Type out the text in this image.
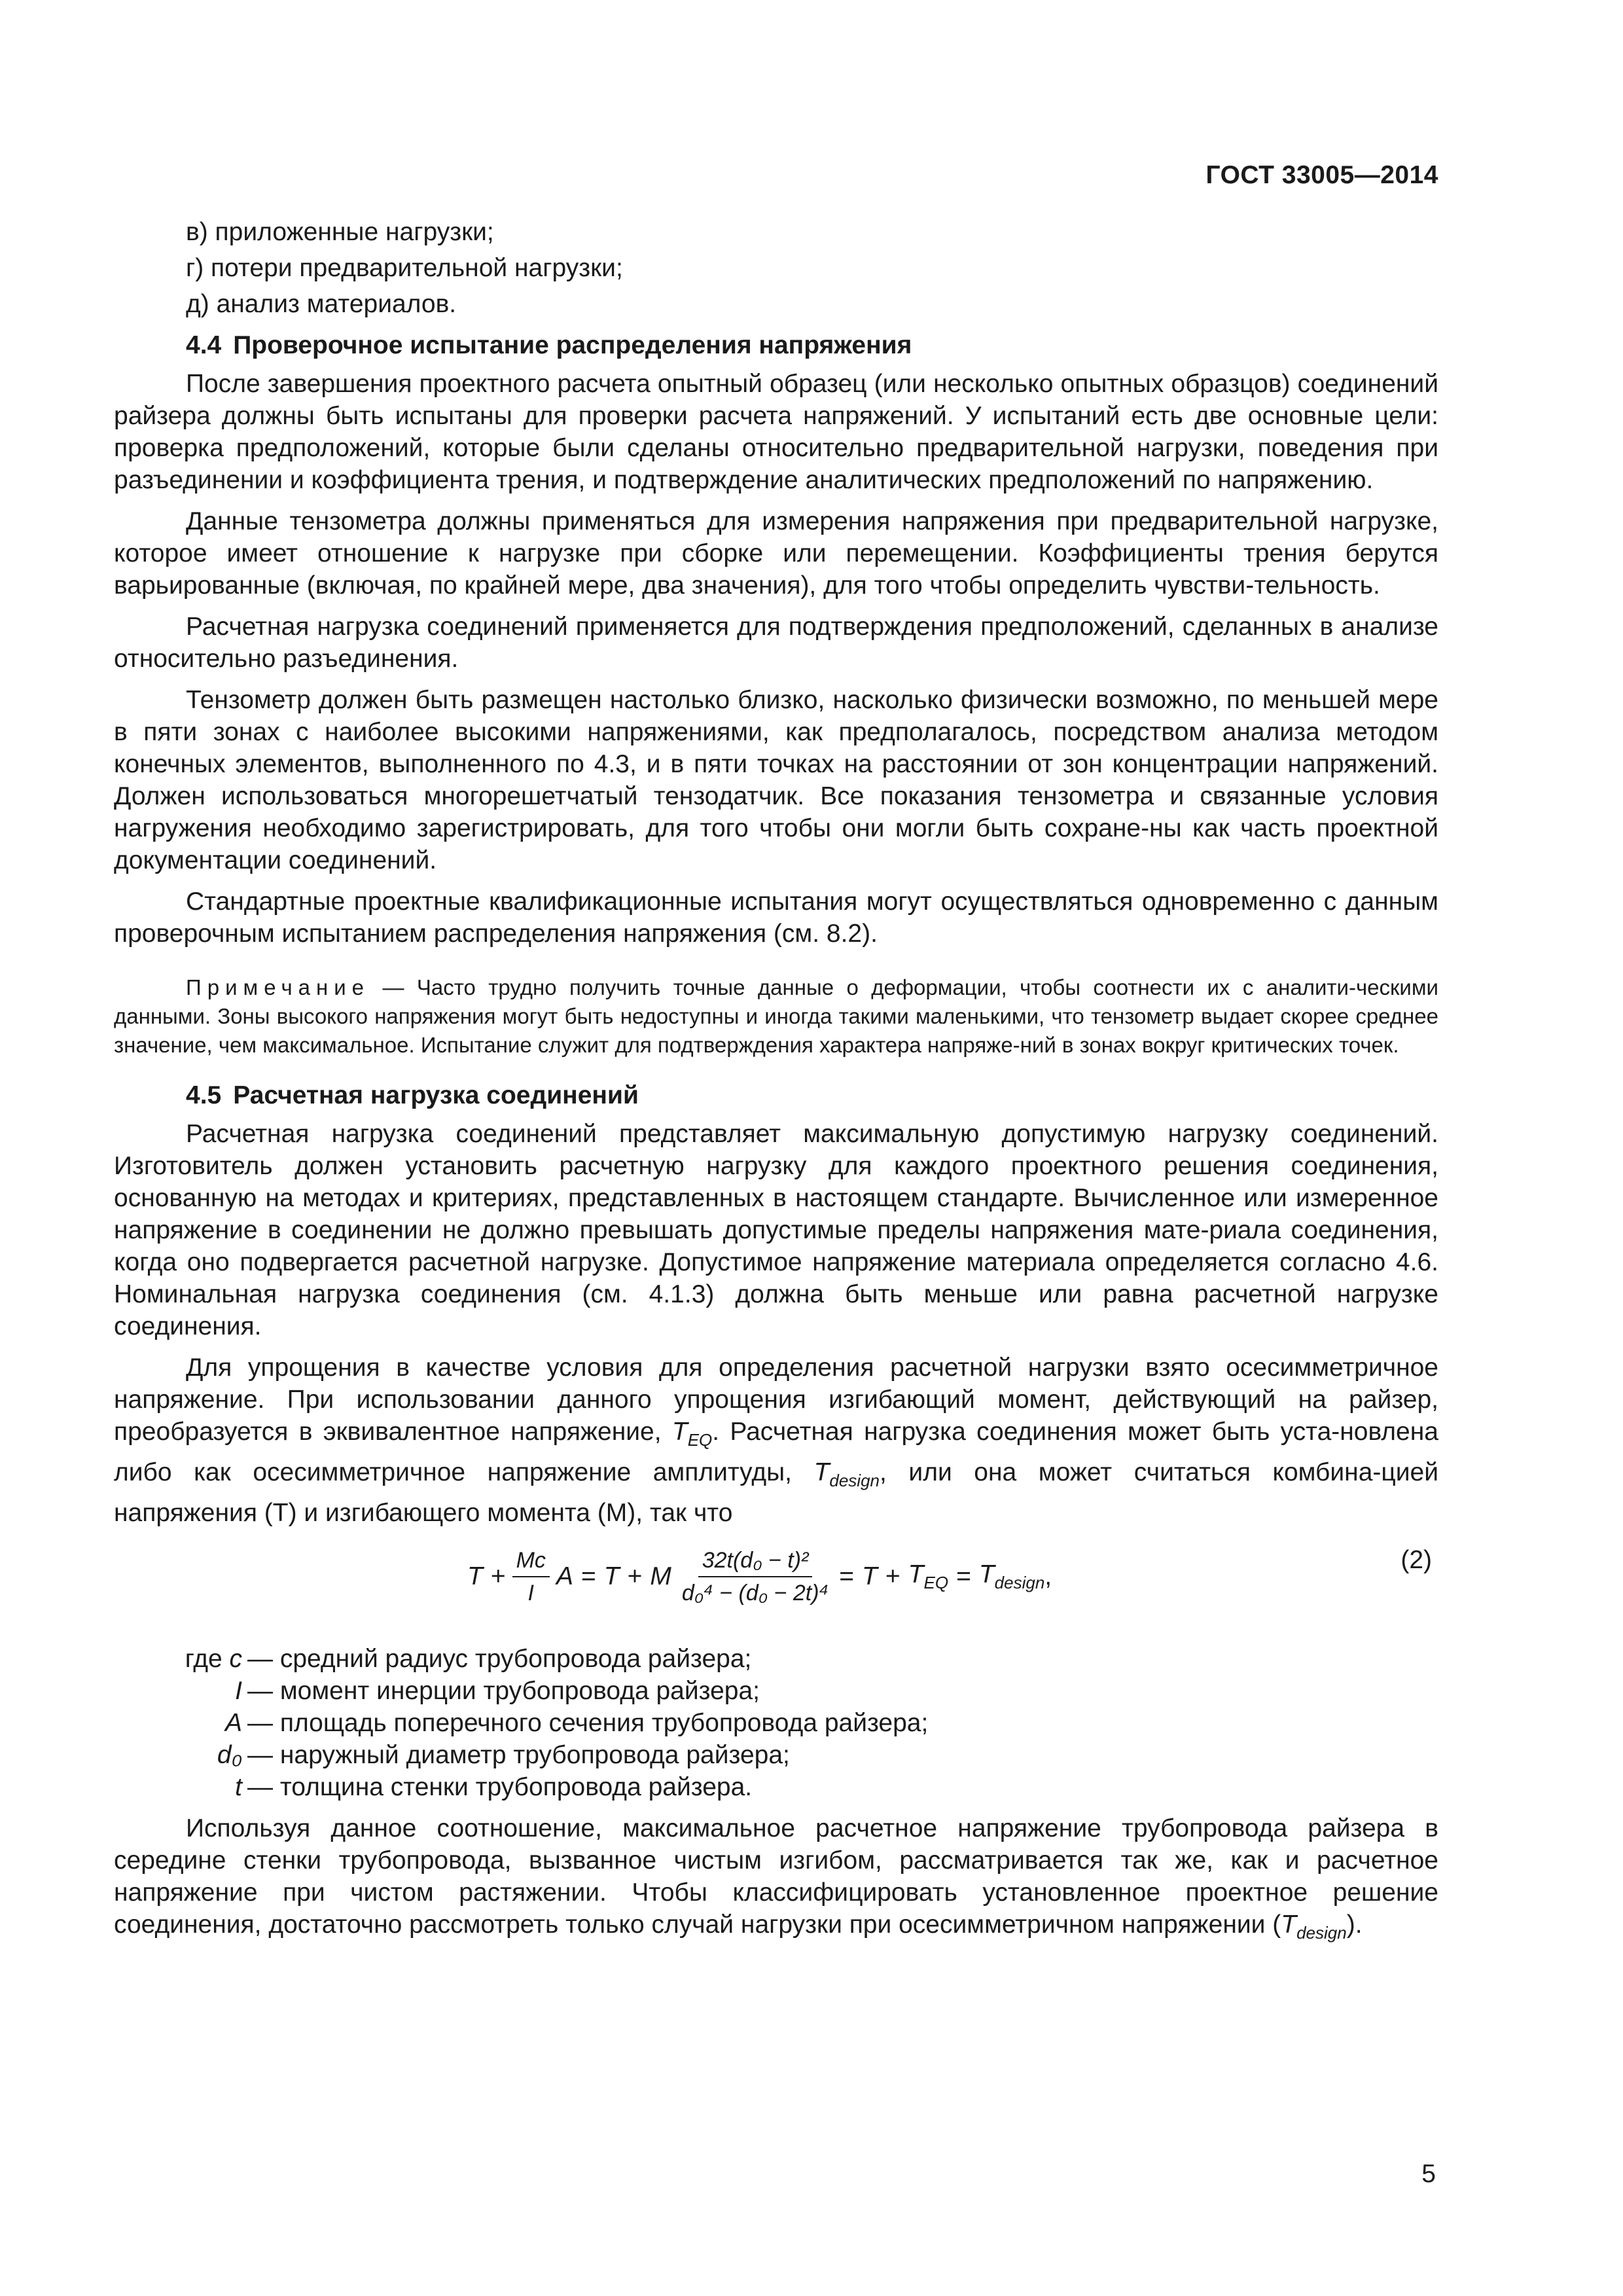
ГОСТ 33005—2014
в) приложенные нагрузки;
г) потери предварительной нагрузки;
д) анализ материалов.
4.4 Проверочное испытание распределения напряжения

После завершения проектного расчета опытный образец (или несколько опытных образцов) соединений райзера должны быть испытаны для проверки расчета напряжений. У испытаний есть две основные цели: проверка предположений, которые были сделаны относительно предварительной нагрузки, поведения при разъединении и коэффициента трения, и подтверждение аналитических предположений по напряжению.

Данные тензометра должны применяться для измерения напряжения при предварительной нагрузке, которое имеет отношение к нагрузке при сборке или перемещении. Коэффициенты трения берутся варьированные (включая, по крайней мере, два значения), для того чтобы определить чувстви-тельность.

Расчетная нагрузка соединений применяется для подтверждения предположений, сделанных в анализе относительно разъединения.

Тензометр должен быть размещен настолько близко, насколько физически возможно, по меньшей мере в пяти зонах с наиболее высокими напряжениями, как предполагалось, посредством анализа методом конечных элементов, выполненного по 4.3, и в пяти точках на расстоянии от зон концентрации напряжений. Должен использоваться многорешетчатый тензодатчик. Все показания тензометра и связанные условия нагружения необходимо зарегистрировать, для того чтобы они могли быть сохране-ны как часть проектной документации соединений.

Стандартные проектные квалификационные испытания могут осуществляться одновременно с данным проверочным испытанием распределения напряжения (см. 8.2).

Примечание — Часто трудно получить точные данные о деформации, чтобы соотнести их с аналити-ческими данными. Зоны высокого напряжения могут быть недоступны и иногда такими маленькими, что тензометр выдает скорее среднее значение, чем максимальное. Испытание служит для подтверждения характера напряже-ний в зонах вокруг критических точек.

4.5 Расчетная нагрузка соединений

Расчетная нагрузка соединений представляет максимальную допустимую нагрузку соединений. Изготовитель должен установить расчетную нагрузку для каждого проектного решения соединения, основанную на методах и критериях, представленных в настоящем стандарте. Вычисленное или измеренное напряжение в соединении не должно превышать допустимые пределы напряжения мате-риала соединения, когда оно подвергается расчетной нагрузке. Допустимое напряжение материала определяется согласно 4.6. Номинальная нагрузка соединения (см. 4.1.3) должна быть меньше или равна расчетной нагрузке соединения.

Для упрощения в качестве условия для определения расчетной нагрузки взято осесимметричное напряжение. При использовании данного упрощения изгибающий момент, действующий на райзер, преобразуется в эквивалентное напряжение, $T_{EQ}$. Расчетная нагрузка соединения может быть уста-новлена либо как осесимметричное напряжение амплитуды, $T_{design}$, или она может считаться комбина-цией напряжения (Т) и изгибающего момента (М), так что

$T + \frac{Mc}{I}$ A = T + M $\frac{\text{32t(d₀ − t)²}}{\text{d₀⁴ − (d₀ − 2t)⁴}} = T + T_{EQ} = T_{design}$ ,
(2)
где c — средний радиус трубопровода райзера;
I — момент инерции трубопровода райзера;
A — площадь поперечного сечения трубопровода райзера;
d₀ — наружный диаметр трубопровода райзера;
t — толщина стенки трубопровода райзера.

Используя данное соотношение, максимальное расчетное напряжение трубопровода райзера в середине стенки трубопровода, вызванное чистым изгибом, рассматривается так же, как и расчетное напряжение при чистом растяжении. Чтобы классифицировать установленное проектное решение соединения, достаточно рассмотреть только случай нагрузки при осесимметричном напряжении $(T_{design})$.

5
